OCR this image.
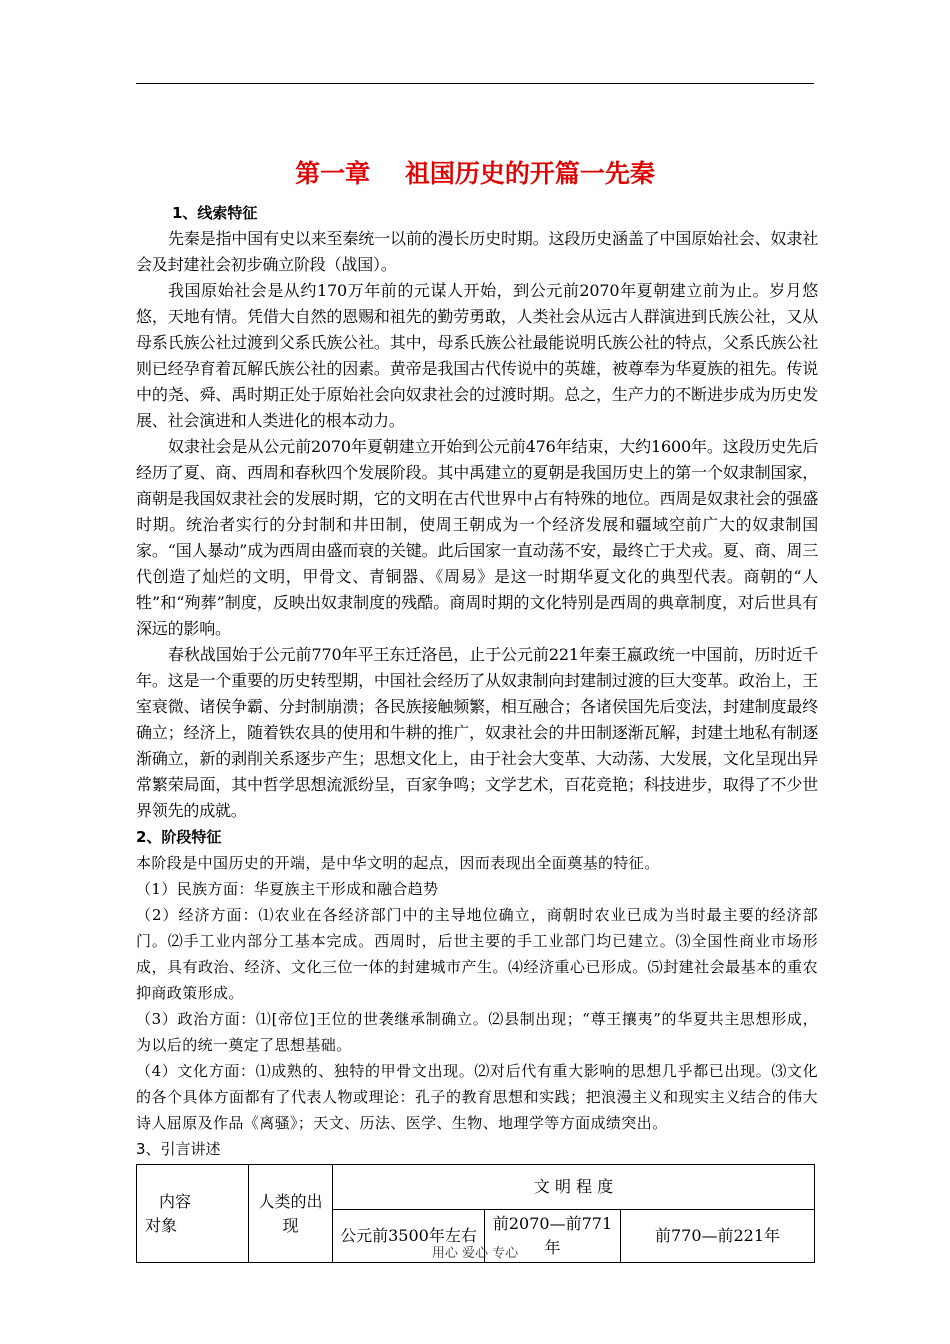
第一章    祖国历史的开篇一先秦
1、线索特征

先秦是指中国有史以来至秦统一以前的漫长历史时期。这段历史涵盖了中国原始社会、奴隶社会及封建社会初步确立阶段（战国）。

我国原始社会是从约170万年前的元谋人开始，到公元前2070年夏朝建立前为止。岁月悠悠，天地有情。凭借大自然的恩赐和祖先的勤劳勇敢，人类社会从远古人群演进到氏族公社，又从母系氏族公社过渡到父系氏族公社。其中，母系氏族公社最能说明氏族公社的特点，父系氏族公社则已经孕育着瓦解氏族公社的因素。黄帝是我国古代传说中的英雄，被尊奉为华夏族的祖先。传说中的尧、舜、禹时期正处于原始社会向奴隶社会的过渡时期。总之，生产力的不断进步成为历史发展、社会演进和人类进化的根本动力。

奴隶社会是从公元前2070年夏朝建立开始到公元前476年结束，大约1600年。这段历史先后经历了夏、商、西周和春秋四个发展阶段。其中禹建立的夏朝是我国历史上的第一个奴隶制国家，商朝是我国奴隶社会的发展时期，它的文明在古代世界中占有特殊的地位。西周是奴隶社会的强盛时期。统治者实行的分封制和井田制，使周王朝成为一个经济发展和疆域空前广大的奴隶制国家。“国人暴动”成为西周由盛而衰的关键。此后国家一直动荡不安，最终亡于犬戎。夏、商、周三代创造了灿烂的文明，甲骨文、青铜器、《周易》是这一时期华夏文化的典型代表。商朝的“人牲”和“殉葬”制度，反映出奴隶制度的残酷。商周时期的文化特别是西周的典章制度，对后世具有深远的影响。

春秋战国始于公元前770年平王东迁洛邑，止于公元前221年秦王嬴政统一中国前，历时近千年。这是一个重要的历史转型期，中国社会经历了从奴隶制向封建制过渡的巨大变革。政治上，王室衰微、诸侯争霸、分封制崩溃；各民族接触频繁，相互融合；各诸侯国先后变法，封建制度最终确立；经济上，随着铁农具的使用和牛耕的推广，奴隶社会的井田制逐渐瓦解，封建土地私有制逐渐确立，新的剥削关系逐步产生；思想文化上，由于社会大变革、大动荡、大发展，文化呈现出异常繁荣局面，其中哲学思想流派纷呈，百家争鸣；文学艺术，百花竞艳；科技进步，取得了不少世界领先的成就。

2、阶段特征

本阶段是中国历史的开端，是中华文明的起点，因而表现出全面奠基的特征。

（1）民族方面：华夏族主干形成和融合趋势

（2）经济方面：⑴农业在各经济部门中的主导地位确立，商朝时农业已成为当时最主要的经济部门。⑵手工业内部分工基本完成。西周时，后世主要的手工业部门均已建立。⑶全国性商业市场形成，具有政治、经济、文化三位一体的封建城市产生。⑷经济重心已形成。⑸封建社会最基本的重农抑商政策形成。

（3）政治方面：⑴[帝位]王位的世袭继承制确立。⑵县制出现；“尊王攘夷”的华夏共主思想形成，为以后的统一奠定了思想基础。

（4）文化方面：⑴成熟的、独特的甲骨文出现。⑵对后代有重大影响的思想几乎都已出现。⑶文化的各个具体方面都有了代表人物或理论：孔子的教育思想和实践；把浪漫主义和现实主义结合的伟大诗人屈原及作品《离骚》；天文、历法、医学、生物、地理学等方面成绩突出。

3、引言讲述
内容
对象	人类的出现	文 明 程 度		
		公元前3500年左右	前2070—前771年	前770—前221年
用心 爱心 专心
